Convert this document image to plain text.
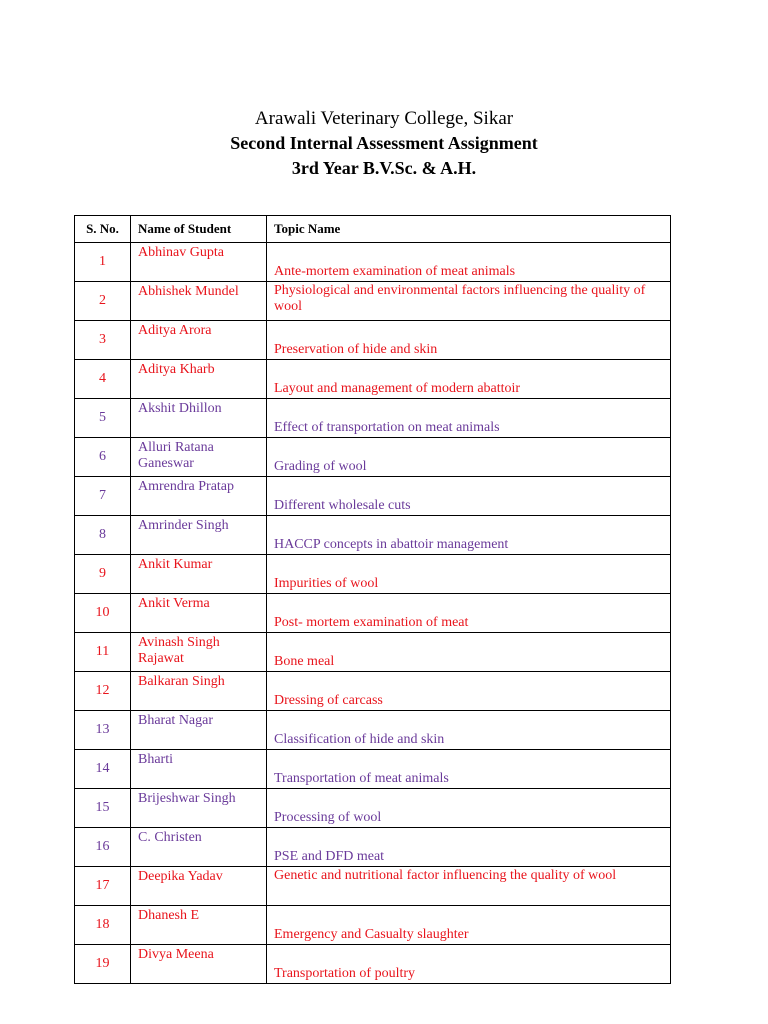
Arawali Veterinary College, Sikar
Second Internal Assessment Assignment
3rd Year B.V.Sc. & A.H.
S. No.	Name of Student	Topic Name
1	Abhinav Gupta	Ante-mortem examination of meat animals
2	Abhishek Mundel	Physiological and environmental factors influencing the quality of wool
3	Aditya Arora	Preservation of hide and skin
4	Aditya Kharb	Layout and management of modern abattoir
5	Akshit Dhillon	Effect of transportation on meat animals
6	Alluri Ratana Ganeswar	Grading of wool
7	Amrendra Pratap	Different wholesale cuts
8	Amrinder Singh	HACCP concepts in abattoir management
9	Ankit Kumar	Impurities of wool
10	Ankit Verma	Post- mortem examination of meat
11	Avinash Singh Rajawat	Bone meal
12	Balkaran Singh	Dressing of carcass
13	Bharat Nagar	Classification of hide and skin
14	Bharti	Transportation of meat animals
15	Brijeshwar Singh	Processing of wool
16	C. Christen	PSE and DFD meat
17	Deepika Yadav	Genetic and nutritional factor influencing the quality of wool
18	Dhanesh E	Emergency and Casualty slaughter
19	Divya Meena	Transportation of poultry
